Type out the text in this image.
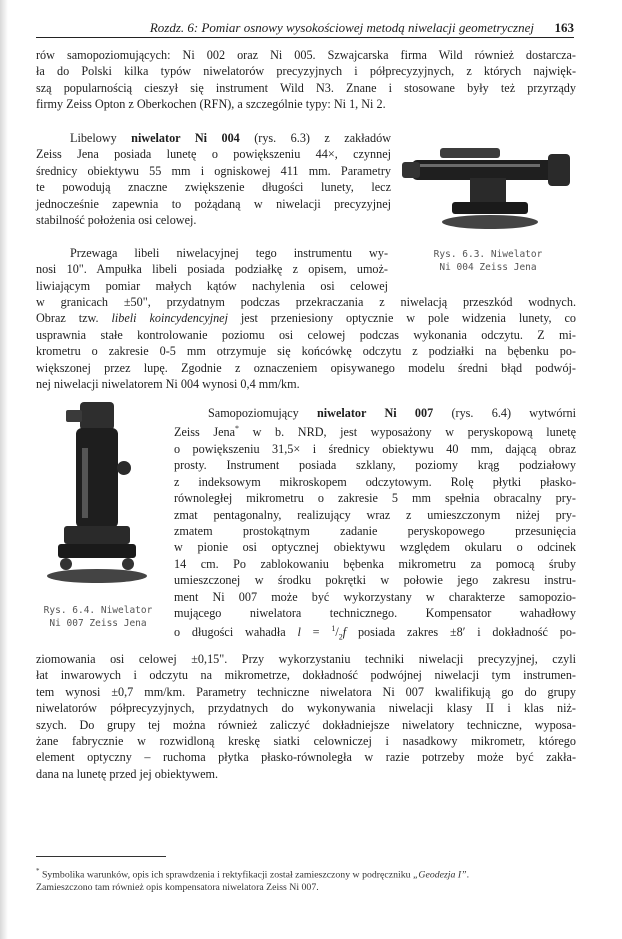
Rozdz. 6: Pomiar osnowy wysokościowej metodą niwelacji geometrycznej 163
rów samopoziomujących: Ni 002 oraz Ni 005. Szwajcarska firma Wild również dostarcza-
ła do Polski kilka typów niwelatorów precyzyjnych i półprecyzyjnych, z których najwięk-
szą popularnością cieszył się instrument Wild N3. Znane i stosowane były też przyrządy
firmy Zeiss Opton z Oberkochen (RFN), a szczególnie typy: Ni 1, Ni 2.
Libelowy niwelator Ni 004 (rys. 6.3) z zakładów
Zeiss Jena posiada lunetę o powiększeniu 44×, czynnej
średnicy obiektywu 55 mm i ogniskowej 411 mm. Parametry
te powodują znaczne zwiększenie długości lunety, lecz
jednocześnie zapewnia to pożądaną w niwelacji precyzyjnej
stabilność położenia osi celowej.
Rys. 6.3. Niwelator
Ni 004 Zeiss Jena
Przewaga libeli niwelacyjnej tego instrumentu wy-
nosi 10". Ampułka libeli posiada podziałkę z opisem, umoż-
liwiającym pomiar małych kątów nachylenia osi celowej
w granicach ±50", przydatnym podczas przekraczania z niwelacją przeszkód wodnych.
Obraz tzw. libeli koincydencyjnej jest przeniesiony optycznie w pole widzenia lunety, co
usprawnia stałe kontrolowanie poziomu osi celowej podczas wykonania odczytu. Z mi-
krometru o zakresie 0-5 mm otrzymuje się końcówkę odczytu z podziałki na bębenku po-
większonej przez lupę. Zgodnie z oznaczeniem opisywanego modelu średni błąd podwój-
nej niwelacji niwelatorem Ni 004 wynosi 0,4 mm/km.
Rys. 6.4. Niwelator
Ni 007 Zeiss Jena
Samopoziomujący niwelator Ni 007 (rys. 6.4) wytwórni
Zeiss Jena* w b. NRD, jest wyposażony w peryskopową lunetę
o powiększeniu 31,5× i średnicy obiektywu 40 mm, dającą obraz
prosty. Instrument posiada szklany, poziomy krąg podziałowy
z indeksowym mikroskopem odczytowym. Rolę płytki płasko-
równoległej mikrometru o zakresie 5 mm spełnia obracalny pry-
zmat pentagonalny, realizujący wraz z umieszczonym niżej pry-
zmatem prostokątnym zadanie peryskopowego przesunięcia
w pionie osi optycznej obiektywu względem okularu o odcinek
14 cm. Po zablokowaniu bębenka mikrometru za pomocą śruby
umieszczonej w środku pokrętki w połowie jego zakresu instru-
ment Ni 007 może być wykorzystany w charakterze samopozio-
mującego niwelatora technicznego. Kompensator wahadłowy
o długości wahadła $l = ^1/_2f$ posiada zakres ±8′ i dokładność po-
ziomowania osi celowej ±0,15". Przy wykorzystaniu techniki niwelacji precyzyjnej, czyli
łat inwarowych i odczytu na mikrometrze, dokładność podwójnej niwelacji tym instrumen-
tem wynosi ±0,7 mm/km. Parametry techniczne niwelatora Ni 007 kwalifikują go do grupy
niwelatorów półprecyzyjnych, przydatnych do wykonywania niwelacji klasy II i klas niż-
szych. Do grupy tej można również zaliczyć dokładniejsze niwelatory techniczne, wyposa-
żane fabrycznie w rozwidloną kreskę siatki celowniczej i nasadkowy mikrometr, którego
element optyczny – ruchoma płytka płasko-równoległa w razie potrzeby może być zakła-
dana na lunetę przed jej obiektywem.
* Symbolika warunków, opis ich sprawdzenia i rektyfikacji został zamieszczony w podręczniku „Geodezja I”.
Zamieszczono tam również opis kompensatora niwelatora Zeiss Ni 007.
